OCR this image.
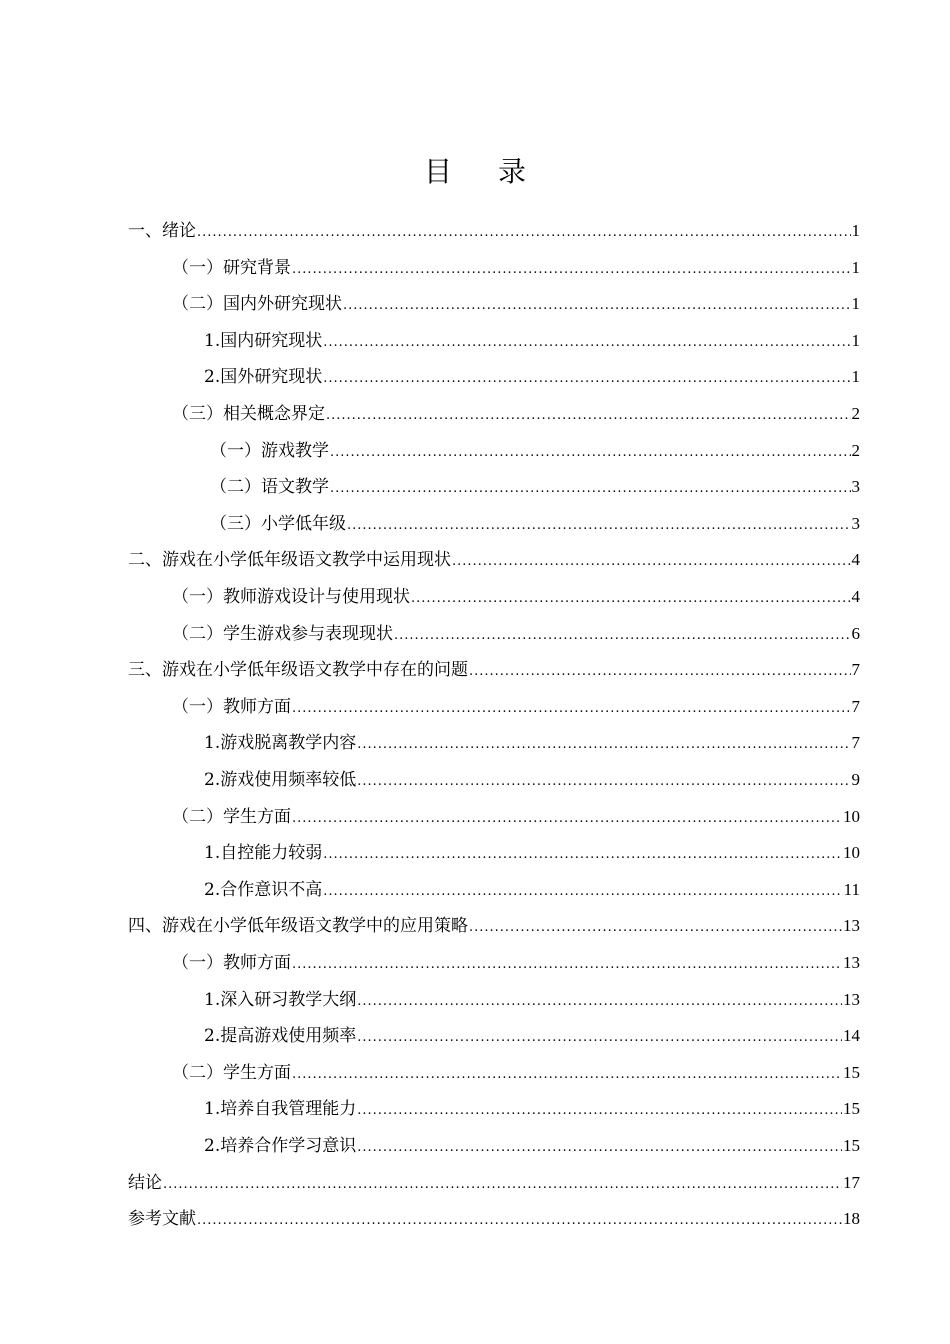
目 录
一、 绪论 .....	1
（一） 研究背景 .....	1
（二） 国内外研究现状 .....	1
1. 国内研究现状 .....	1
2. 国外研究现状 .....	1
（三） 相关概念界定 .....	2
（一） 游戏教学 .....	2
（二） 语文教学 .....	3
（三） 小学低年级 .....	3
二、 游戏在小学低年级语文教学中运用现状 .....	4
（一） 教师游戏设计与使用现状 .....	4
（二） 学生游戏参与表现现状 .....	6
三、 游戏在小学低年级语文教学中存在的问题 .....	7
（一） 教师方面 .....	7
1. 游戏脱离教学内容 .....	7
2. 游戏使用频率较低 .....	9
（二） 学生方面 .....	10
1. 自控能力较弱 .....	10
2. 合作意识不高 .....	11
四、 游戏在小学低年级语文教学中的应用策略 .....	13
（一） 教师方面 .....	13
1. 深入研习教学大纲 .....	13
2. 提高游戏使用频率 .....	14
（二） 学生方面 .....	15
1. 培养自我管理能力 .....	15
2. 培养合作学习意识 .....	15
结论 .....	17
参考文献 .....	18
